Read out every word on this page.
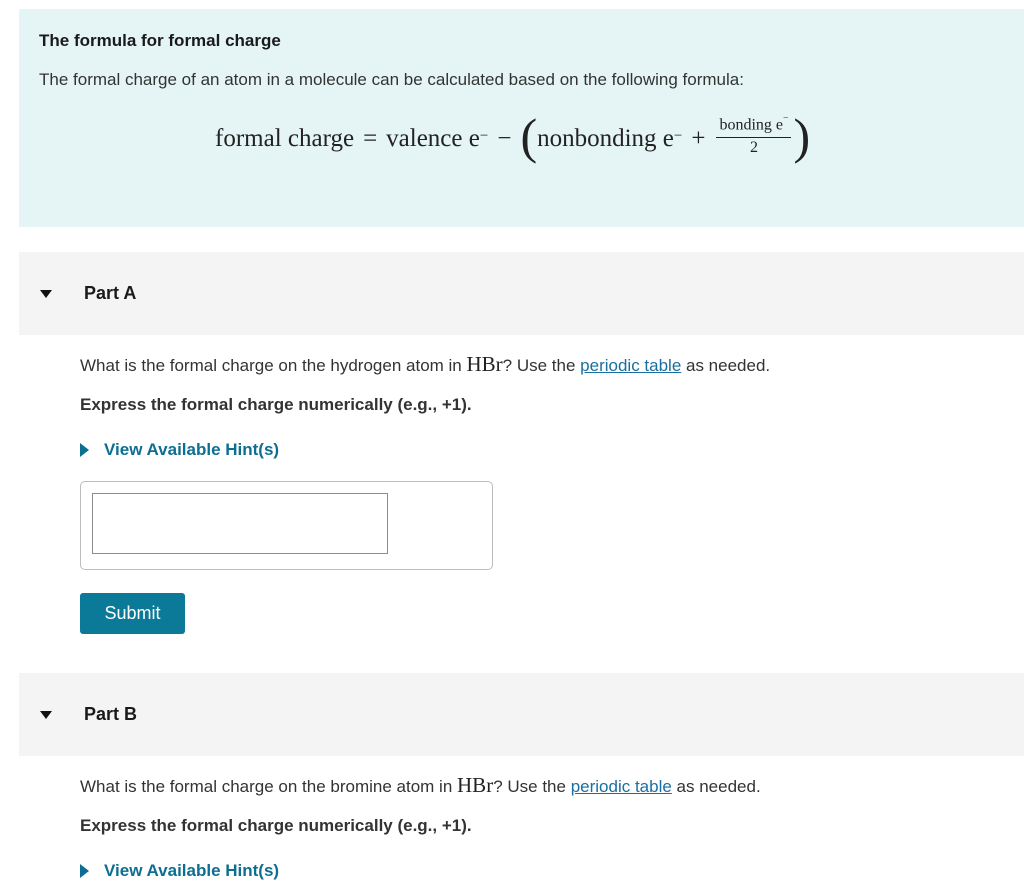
The formula for formal charge

The formal charge of an atom in a molecule can be calculated based on the following formula:

formal charge = valence e− − ( nonbonding $e^- + \frac{bonding e^-}{2}$ )
Part A

What is the formal charge on the hydrogen atom in HBr? Use the periodic table as needed.

Express the formal charge numerically (e.g., +1).

View Available Hint(s)
Submit
Part B

What is the formal charge on the bromine atom in HBr? Use the periodic table as needed.

Express the formal charge numerically (e.g., +1).

View Available Hint(s)
